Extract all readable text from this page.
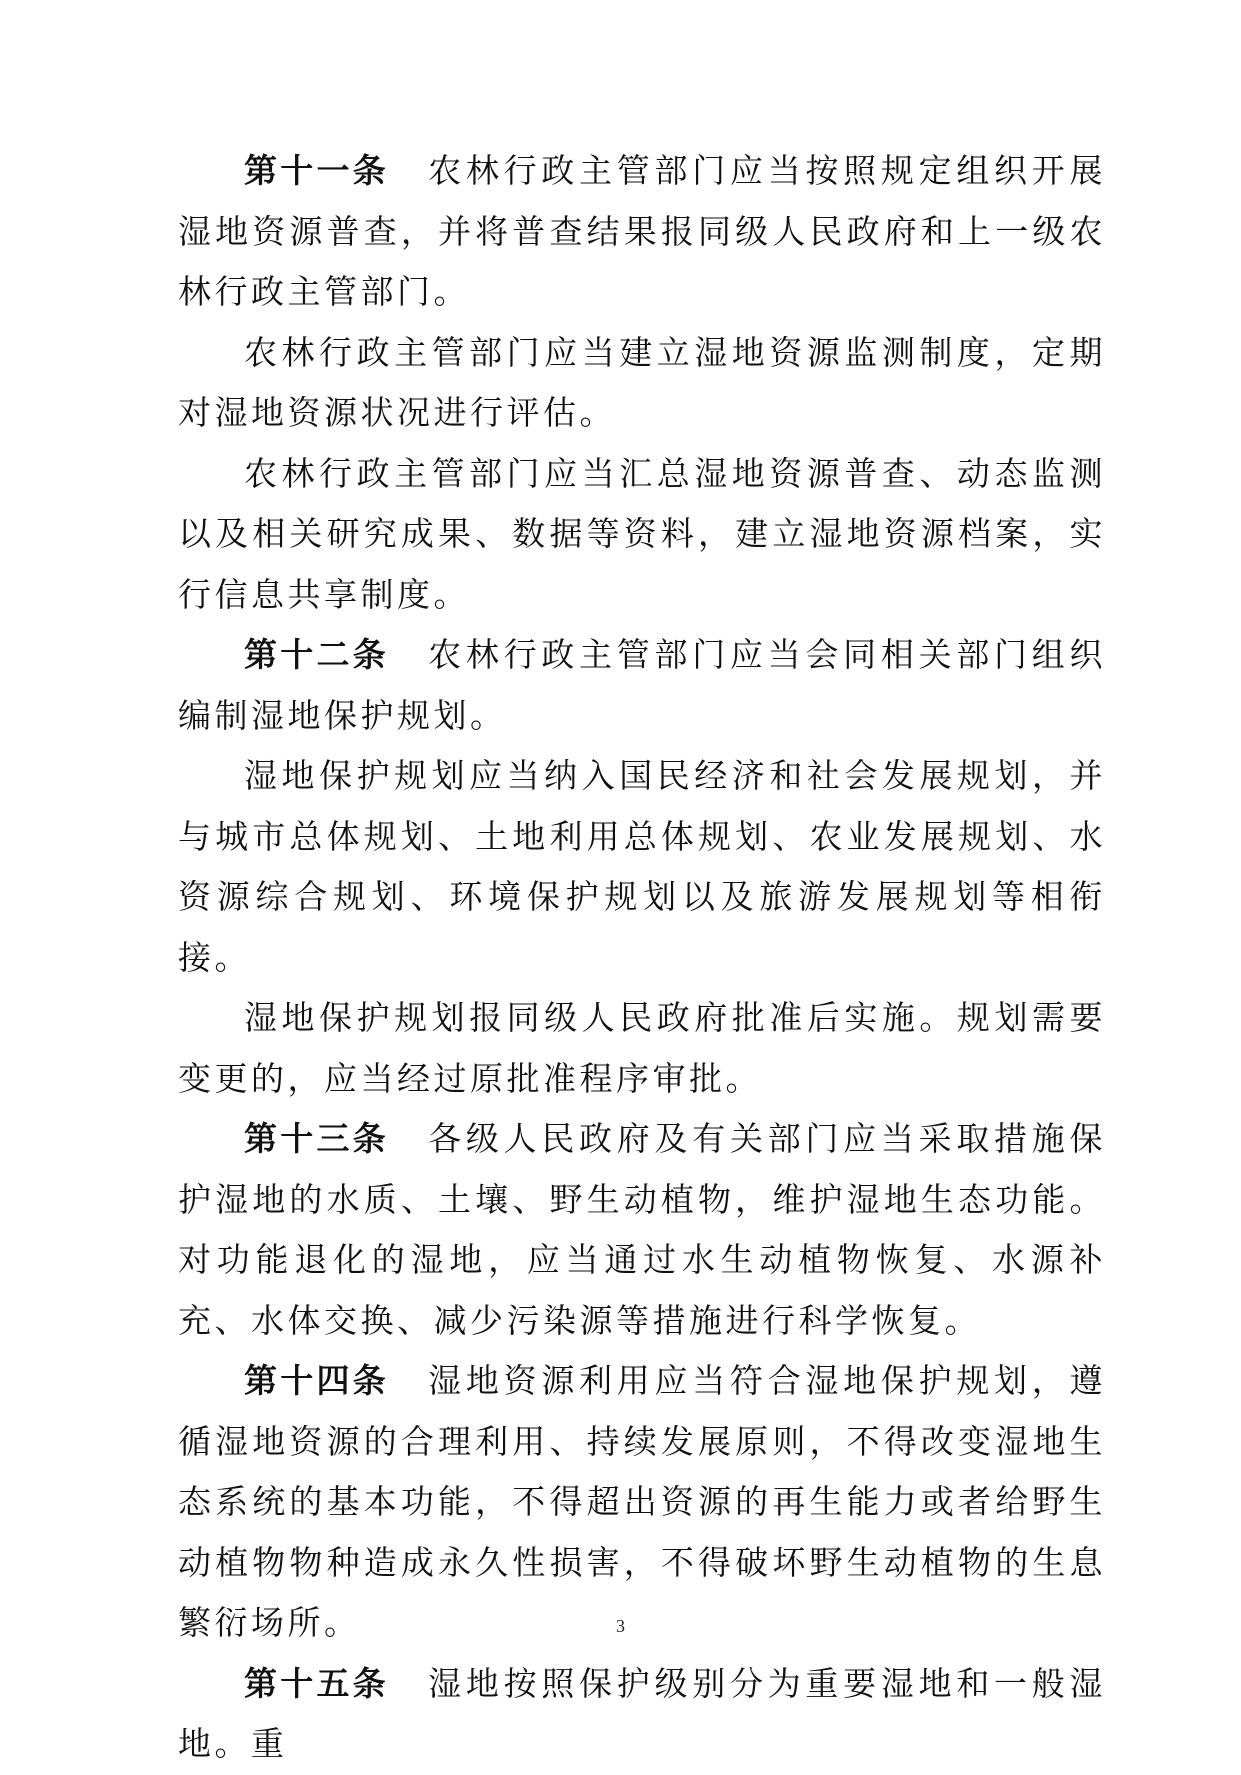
第十一条 农林行政主管部门应当按照规定组织开展湿地资源普查，并将普查结果报同级人民政府和上一级农林行政主管部门。

农林行政主管部门应当建立湿地资源监测制度，定期对湿地资源状况进行评估。

农林行政主管部门应当汇总湿地资源普查、动态监测以及相关研究成果、数据等资料，建立湿地资源档案，实行信息共享制度。

第十二条 农林行政主管部门应当会同相关部门组织编制湿地保护规划。

湿地保护规划应当纳入国民经济和社会发展规划，并与城市总体规划、土地利用总体规划、农业发展规划、水资源综合规划、环境保护规划以及旅游发展规划等相衔接。

湿地保护规划报同级人民政府批准后实施。规划需要变更的，应当经过原批准程序审批。

第十三条 各级人民政府及有关部门应当采取措施保护湿地的水质、土壤、野生动植物，维护湿地生态功能。对功能退化的湿地，应当通过水生动植物恢复、水源补充、水体交换、减少污染源等措施进行科学恢复。

第十四条 湿地资源利用应当符合湿地保护规划，遵循湿地资源的合理利用、持续发展原则，不得改变湿地生态系统的基本功能，不得超出资源的再生能力或者给野生动植物物种造成永久性损害，不得破坏野生动植物的生息繁衍场所。

第十五条 湿地按照保护级别分为重要湿地和一般湿地。重

3
